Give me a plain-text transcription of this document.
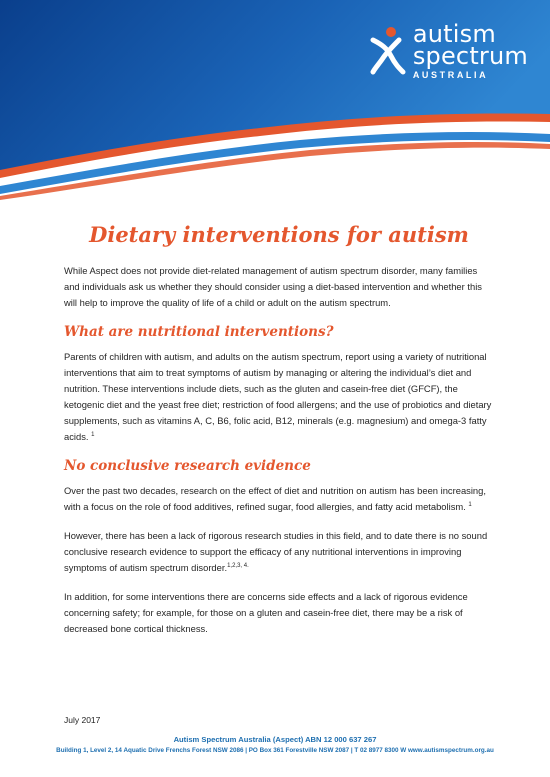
autism
spectrum
AUSTRALIA
Dietary interventions for autism

While Aspect does not provide diet-related management of autism spectrum disorder, many families and individuals ask us whether they should consider using a diet-based intervention and whether this will help to improve the quality of life of a child or adult on the autism spectrum.

What are nutritional interventions?

Parents of children with autism, and adults on the autism spectrum, report using a variety of nutritional interventions that aim to treat symptoms of autism by managing or altering the individual’s diet and nutrition. These interventions include diets, such as the gluten and casein-free diet (GFCF), the ketogenic diet and the yeast free diet; restriction of food allergens; and the use of probiotics and dietary supplements, such as vitamins A, C, B6, folic acid, B12, minerals (e.g. magnesium) and omega-3 fatty acids. $^1$

No conclusive research evidence

Over the past two decades, research on the effect of diet and nutrition on autism has been increasing, with a focus on the role of food additives, refined sugar, food allergies, and fatty acid metabolism. $^1$

However, there has been a lack of rigorous research studies in this field, and to date there is no sound conclusive research evidence to support the efficacy of any nutritional interventions in improving symptoms of autism spectrum disorder.$^{1,2,3, 4.}$

In addition, for some interventions there are concerns side effects and a lack of rigorous evidence concerning safety; for example, for those on a gluten and casein-free diet, there may be a risk of decreased bone cortical thickness.

July 2017
Autism Spectrum Australia (Aspect) ABN 12 000 637 267
Building 1, Level 2, 14 Aquatic Drive Frenchs Forest NSW 2086 | PO Box 361 Forestville NSW 2087 | T 02 8977 8300 W www.autismspectrum.org.au
